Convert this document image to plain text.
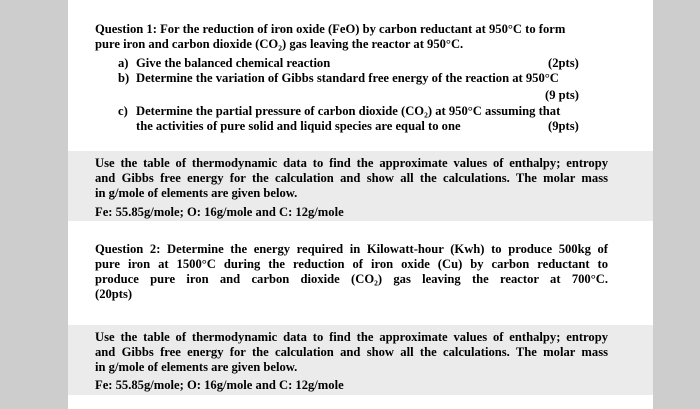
Question 1: For the reduction of iron oxide (FeO) by carbon reductant at 950°C to form

pure iron and carbon dioxide (CO₂) gas leaving the reactor at 950°C.

a) Give the balanced chemical reaction	(2pts)

b) Determine the variation of Gibbs standard free energy of the reaction at 950°C

(9 pts)

c) Determine the partial pressure of carbon dioxide (CO₂) at 950°C assuming that

the activities of pure solid and liquid species are equal to one	(9pts)

Use the table of thermodynamic data to find the approximate values of enthalpy; entropy

and Gibbs free energy for the calculation and show all the calculations. The molar mass

in g/mole of elements are given below.

Fe: 55.85g/mole; O: 16g/mole and C: 12g/mole

Question 2: Determine the energy required in Kilowatt-hour (Kwh) to produce 500kg of

pure iron at 1500°C during the reduction of iron oxide (Cu) by carbon reductant to

produce pure iron and carbon dioxide (CO₂) gas leaving the reactor at 700°C.

(20pts)

Use the table of thermodynamic data to find the approximate values of enthalpy; entropy

and Gibbs free energy for the calculation and show all the calculations. The molar mass

in g/mole of elements are given below.

Fe: 55.85g/mole; O: 16g/mole and C: 12g/mole
